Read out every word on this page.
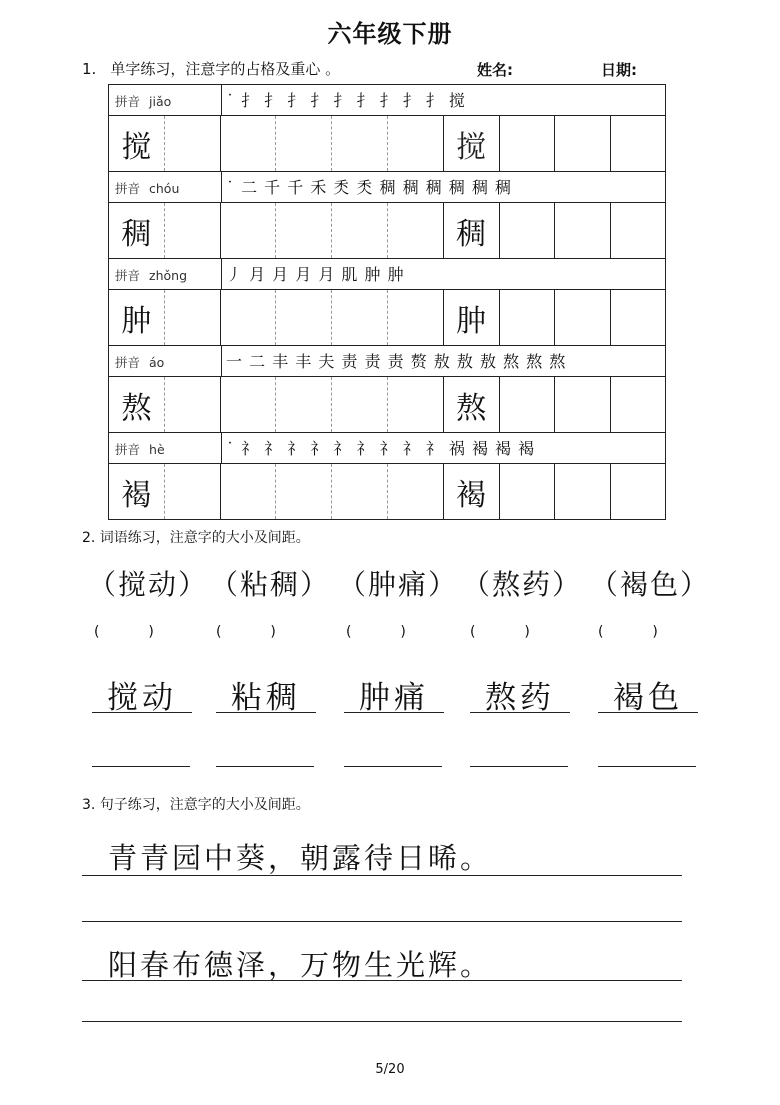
六年级下册
1. 单字练习，注意字的占格及重心 。	姓名:	日期:
拼音 jiǎo	˙ 扌 扌 扌 扌 扌 扌 扌 扌 扌 搅
搅	搅
拼音 chóu	˙ 二 千 千 禾 秂 秂 稠 稠 稠 稠 稠 稠
稠	稠
拼音 zhǒng	丿 月 月 月 月 肌 肿 肿
肿	肿
拼音 áo	一 二 丰 丰 夫 责 责 责 赘 敖 敖 敖 熬 熬 熬
熬	熬
拼音 hè	˙ 礻 礻 礻 礻 礻 礻 礻 礻 礻 祸 褐 褐 褐
褐	褐
2. 词语练习，注意字的大小及间距。
（搅动） （粘稠） （肿痛） （熬药） （褐色）
(           )	(           )	(           )	(           )	(           )
搅动	粘稠	肿痛	熬药	褐色
3. 句子练习，注意字的大小及间距。
青青园中葵，朝露待日晞。
阳春布德泽，万物生光辉。
5/20
